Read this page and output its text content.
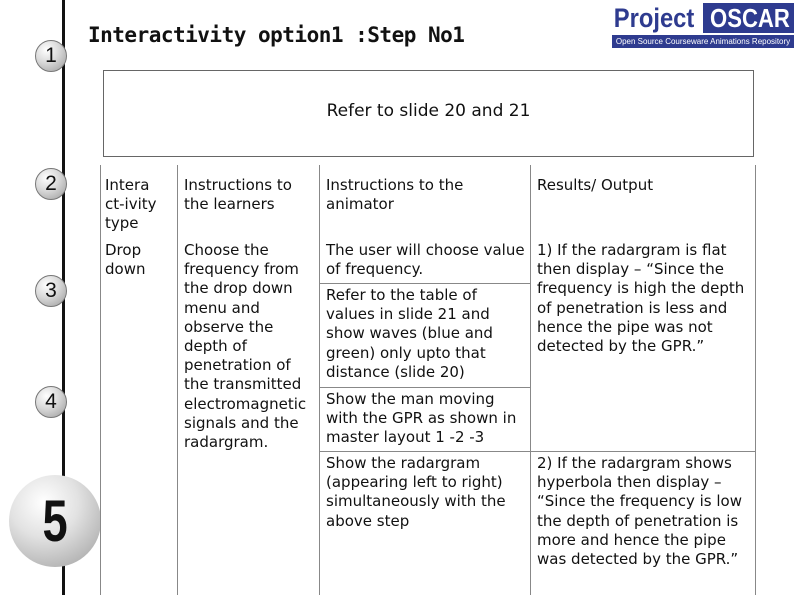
1
2
3
4
5
Interactivity option1 :Step No1
Project OSCAR
Open Source Courseware Animations Repository
Refer to slide 20 and 21
Intera ct-ivity type
Instructions to the learners
Instructions to the animator
Results/ Output
Drop down
Choose the frequency from the drop down menu and observe the depth of penetration of the transmitted electromagnetic signals and the radargram.
The user will choose value of frequency.
Refer to the table of values in slide 21 and show waves (blue and green) only upto that distance (slide 20)
Show the man moving with the GPR as shown in master layout 1 -2 -3
Show the radargram (appearing left to right) simultaneously with the above step
1) If the radargram is flat then display – “Since the frequency is high the depth of penetration is less and hence the pipe was not detected by the GPR.”
2) If the radargram shows hyperbola then display – “Since the frequency is low the depth of penetration is more and hence the pipe was detected by the GPR.”
